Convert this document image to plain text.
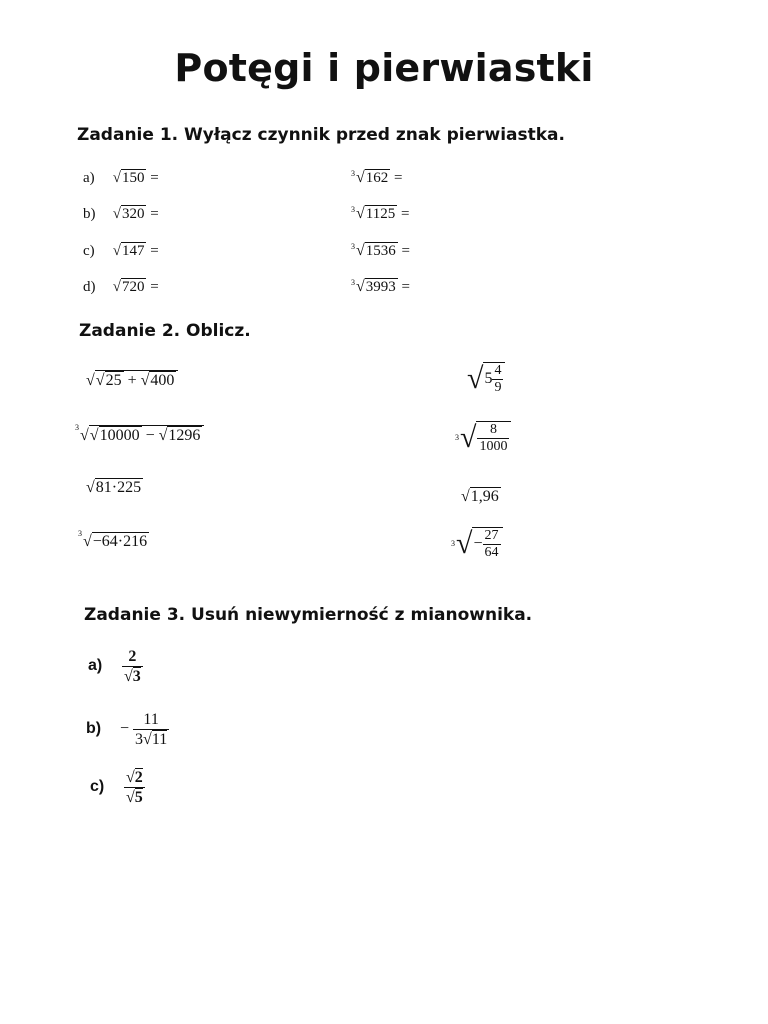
Potęgi i pierwiastki
Zadanie 1. Wyłącz czynnik przed znak pierwiastka.
a) √150 =
b) √320 =
c) √147 =
d) √720 =
3 √162 =
3 √1125 =
3 √1536 =
3 √3993 =
Zadanie 2. Oblicz.
√√25 + √400
3 √√10000 − √1296
√81·225
3 √−64·216
$√5 \frac{4}{9}$
3 √ $\frac{8}{1000}$
√1,96
3 √− $\frac{27}{64}$
Zadanie 3. Usuń niewymierność z mianownika.
$a) \frac{2}{√3}$
$b) - \frac{11}{3√11}$
$c) \frac{√2}{√5}$
